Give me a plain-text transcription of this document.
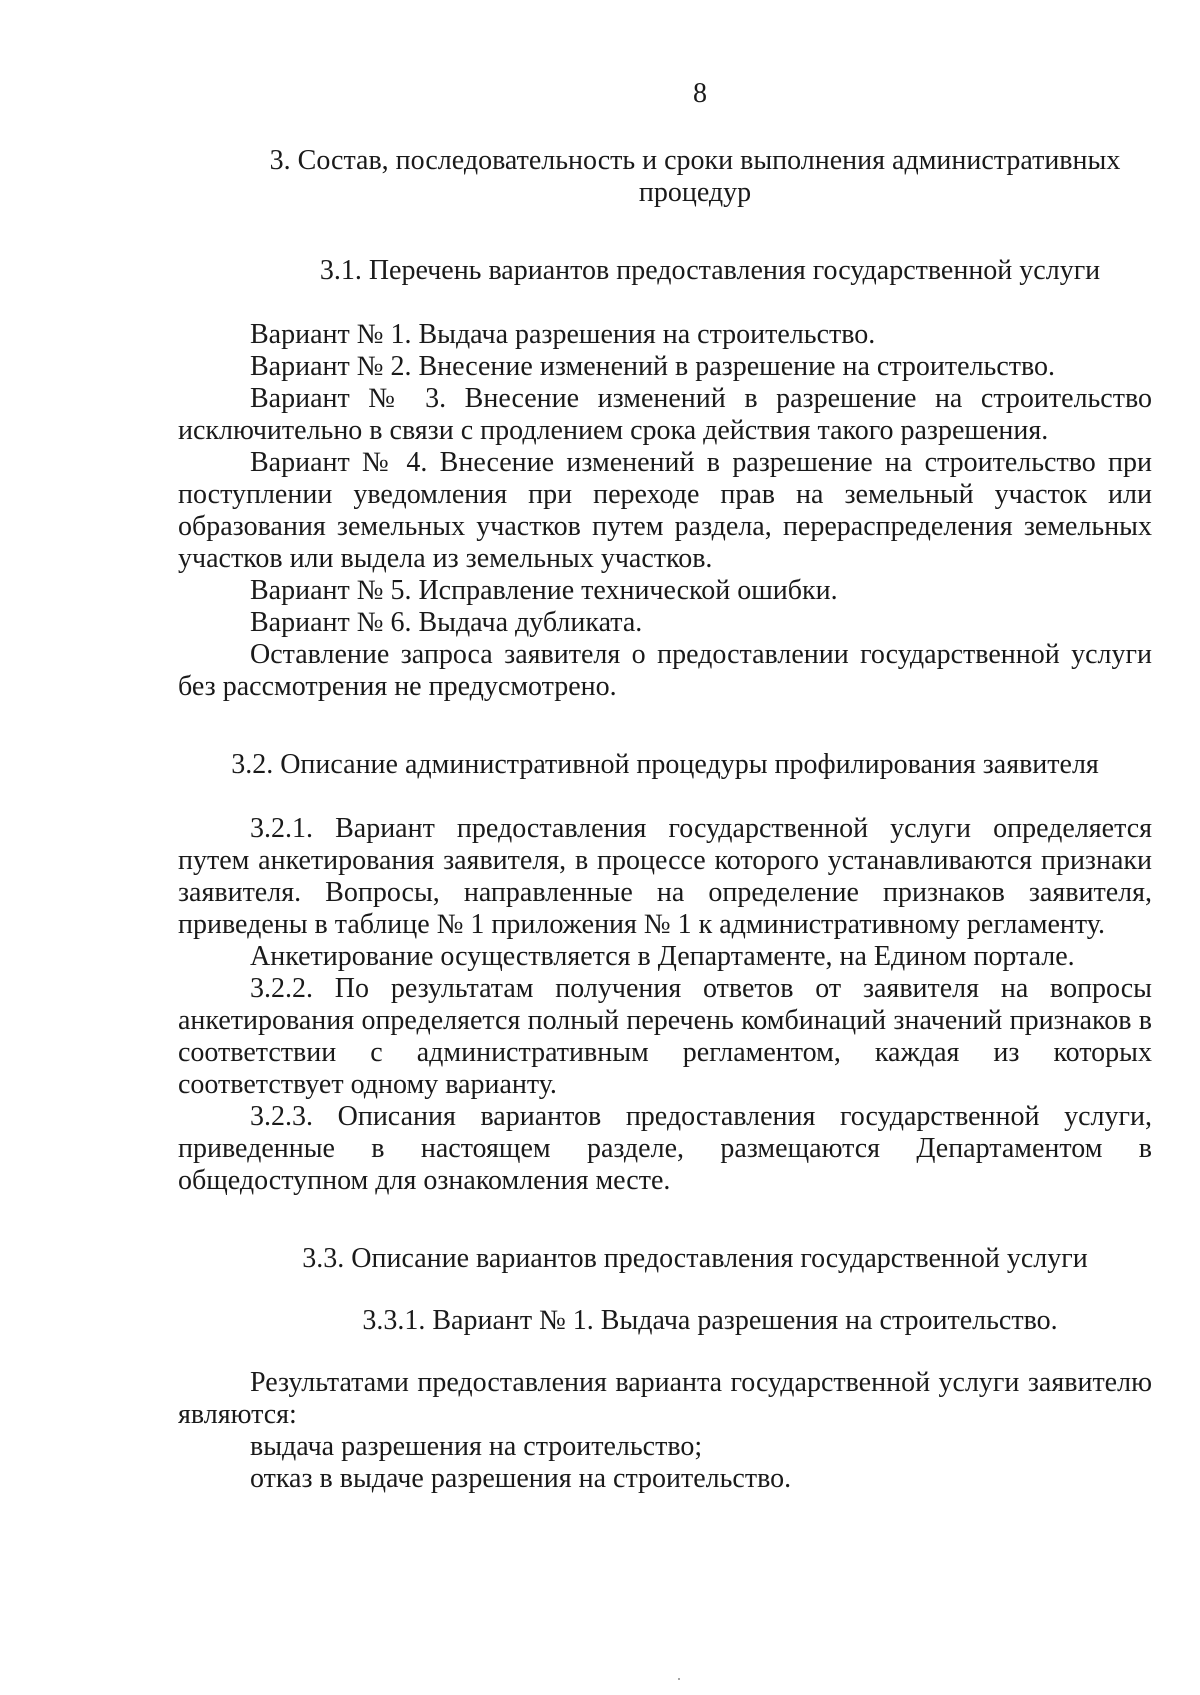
8

3. Состав, последовательность и сроки выполнения административных
процедур

3.1. Перечень вариантов предоставления государственной услуги

Вариант № 1. Выдача разрешения на строительство.

Вариант № 2. Внесение изменений в разрешение на строительство.

Вариант № 3. Внесение изменений в разрешение на строительство исключительно в связи с продлением срока действия такого разрешения.

Вариант № 4. Внесение изменений в разрешение на строительство при поступлении уведомления при переходе прав на земельный участок или образования земельных участков путем раздела, перераспределения земельных участков или выдела из земельных участков.

Вариант № 5. Исправление технической ошибки.

Вариант № 6. Выдача дубликата.

Оставление запроса заявителя о предоставлении государственной услуги без рассмотрения не предусмотрено.

3.2. Описание административной процедуры профилирования заявителя

3.2.1. Вариант предоставления государственной услуги определяется путем анкетирования заявителя, в процессе которого устанавливаются признаки заявителя. Вопросы, направленные на определение признаков заявителя, приведены в таблице № 1 приложения № 1 к административному регламенту.

Анкетирование осуществляется в Департаменте, на Едином портале.

3.2.2. По результатам получения ответов от заявителя на вопросы анкетирования определяется полный перечень комбинаций значений признаков в соответствии с административным регламентом, каждая из которых соответствует одному варианту.

3.2.3. Описания вариантов предоставления государственной услуги, приведенные в настоящем разделе, размещаются Департаментом в общедоступном для ознакомления месте.

3.3. Описание вариантов предоставления государственной услуги

3.3.1. Вариант № 1. Выдача разрешения на строительство.

Результатами предоставления варианта государственной услуги заявителю являются:

выдача разрешения на строительство;

отказ в выдаче разрешения на строительство.
